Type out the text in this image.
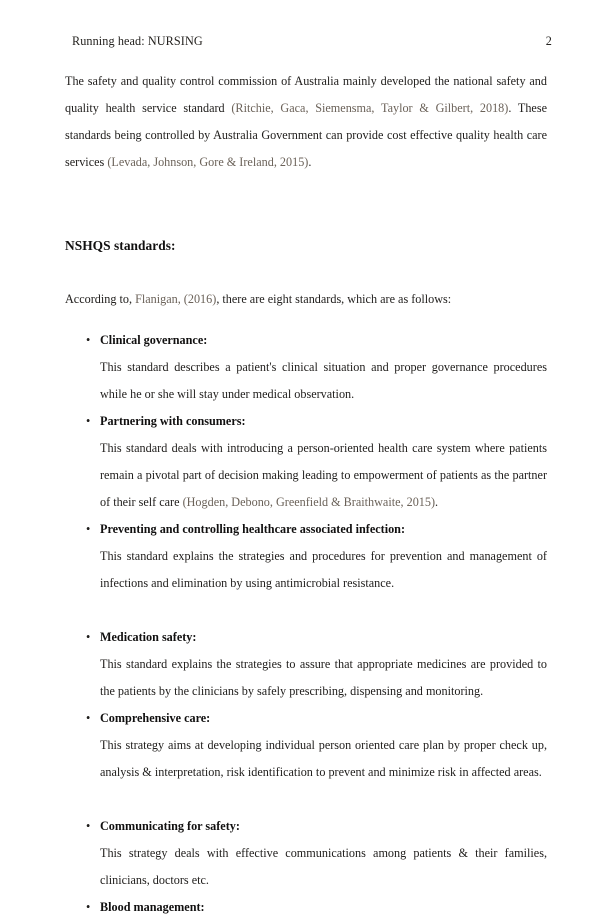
Running head: NURSING	2

The safety and quality control commission of Australia mainly developed the national safety and quality health service standard (Ritchie, Gaca, Siemensma, Taylor & Gilbert, 2018). These standards being controlled by Australia Government can provide cost effective quality health care services (Levada, Johnson, Gore & Ireland, 2015).

NSHQS standards:

According to, Flanigan, (2016), there are eight standards, which are as follows:

• Clinical governance:
This standard describes a patient's clinical situation and proper governance procedures while he or she will stay under medical observation.
• Partnering with consumers:
This standard deals with introducing a person-oriented health care system where patients remain a pivotal part of decision making leading to empowerment of patients as the partner of their self care (Hogden, Debono, Greenfield & Braithwaite, 2015).
• Preventing and controlling healthcare associated infection:
This standard explains the strategies and procedures for prevention and management of infections and elimination by using antimicrobial resistance.
• Medication safety:
This standard explains the strategies to assure that appropriate medicines are provided to the patients by the clinicians by safely prescribing, dispensing and monitoring.
• Comprehensive care:
This strategy aims at developing individual person oriented care plan by proper check up, analysis & interpretation, risk identification to prevent and minimize risk in affected areas.
• Communicating for safety:
This strategy deals with effective communications among patients & their families, clinicians, doctors etc.
• Blood management:
